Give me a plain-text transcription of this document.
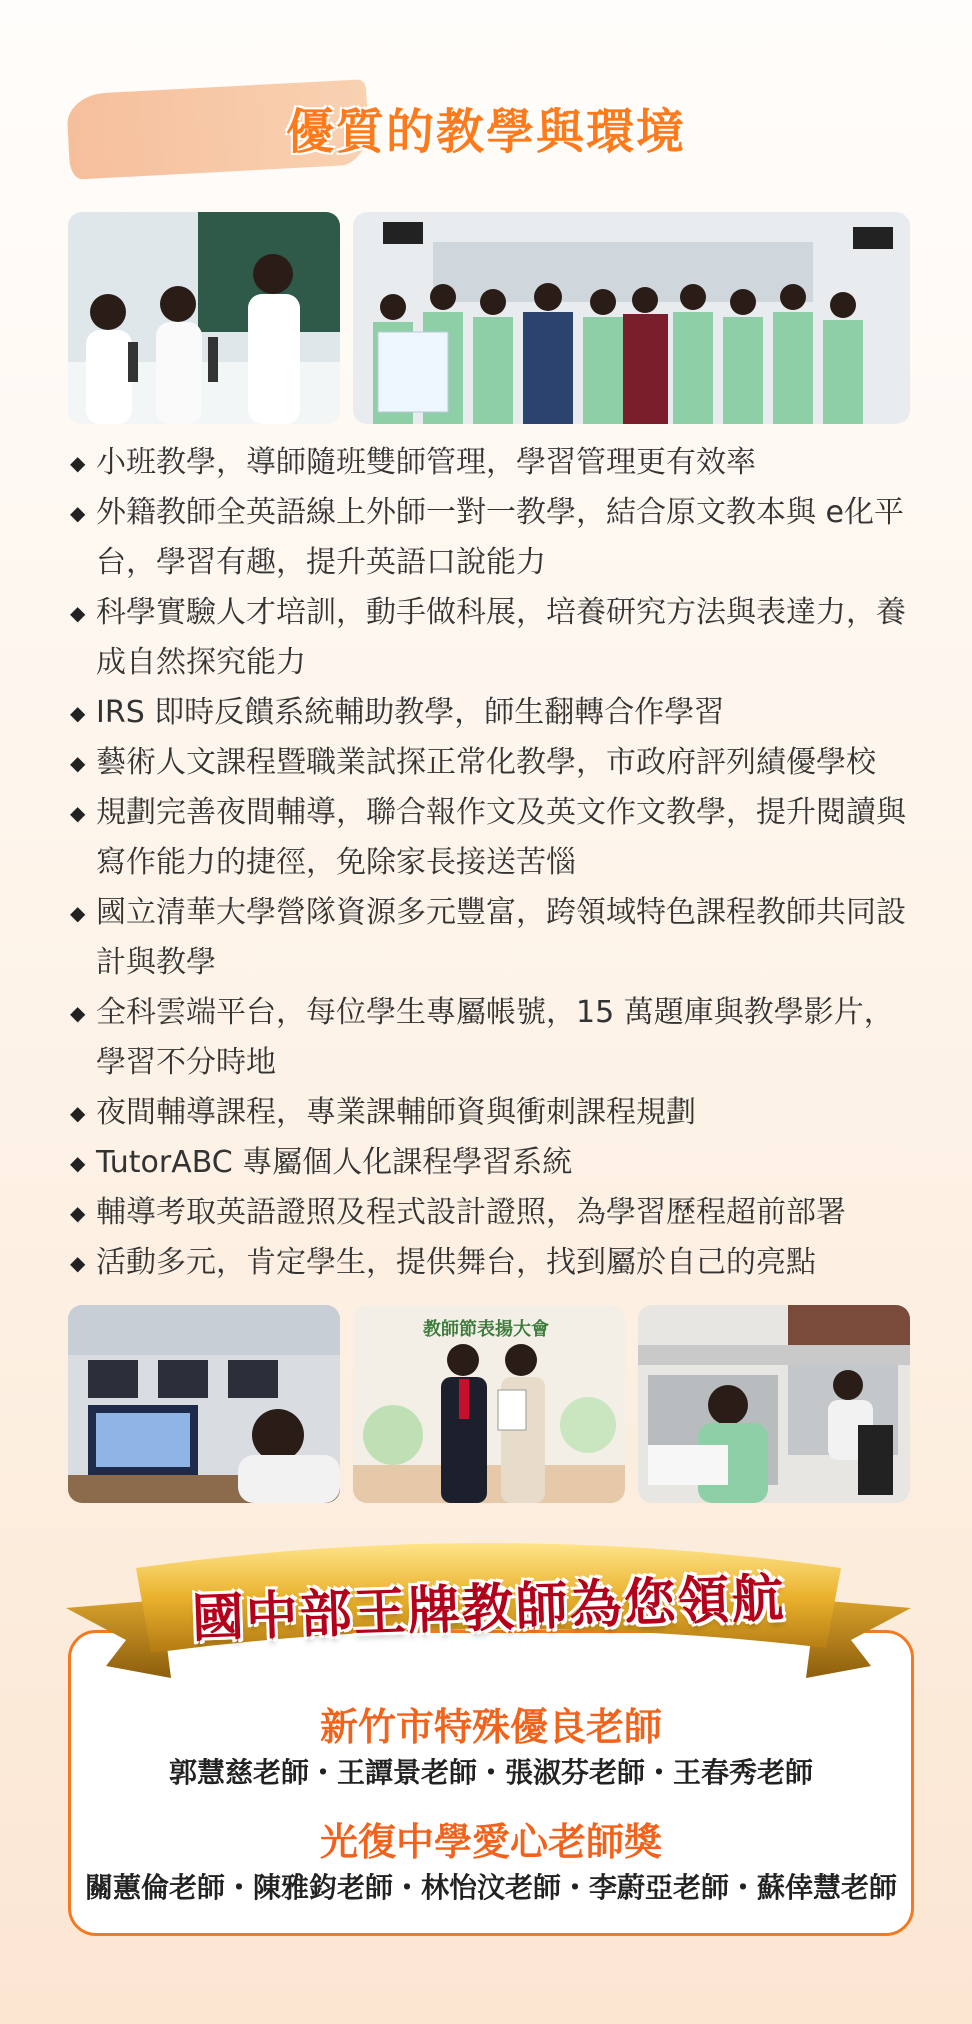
優質的教學與環境
◆ 小班教學，導師隨班雙師管理，學習管理更有效率
◆ 外籍教師全英語線上外師一對一教學，結合原文教本與 e化平台，學習有趣，提升英語口說能力
◆ 科學實驗人才培訓，動手做科展，培養研究方法與表達力，養成自然探究能力
◆ IRS 即時反饋系統輔助教學，師生翻轉合作學習
◆ 藝術人文課程暨職業試探正常化教學，市政府評列績優學校
◆ 規劃完善夜間輔導，聯合報作文及英文作文教學，提升閱讀與寫作能力的捷徑，免除家長接送苦惱
◆ 國立清華大學營隊資源多元豐富，跨領域特色課程教師共同設計與教學
◆ 全科雲端平台，每位學生專屬帳號，15 萬題庫與教學影片，學習不分時地
◆ 夜間輔導課程，專業課輔師資與衝刺課程規劃
◆ TutorABC 專屬個人化課程學習系統
◆ 輔導考取英語證照及程式設計證照，為學習歷程超前部署
◆ 活動多元，肯定學生，提供舞台，找到屬於自己的亮點
教師節表揚大會
新竹市特殊優良老師
郭慧慈老師・王譚景老師・張淑芬老師・王春秀老師
光復中學愛心老師獎
關蕙倫老師・陳雅鈞老師・林怡汶老師・李蔚亞老師・蘇倖慧老師
國中部王牌教師為您領航
